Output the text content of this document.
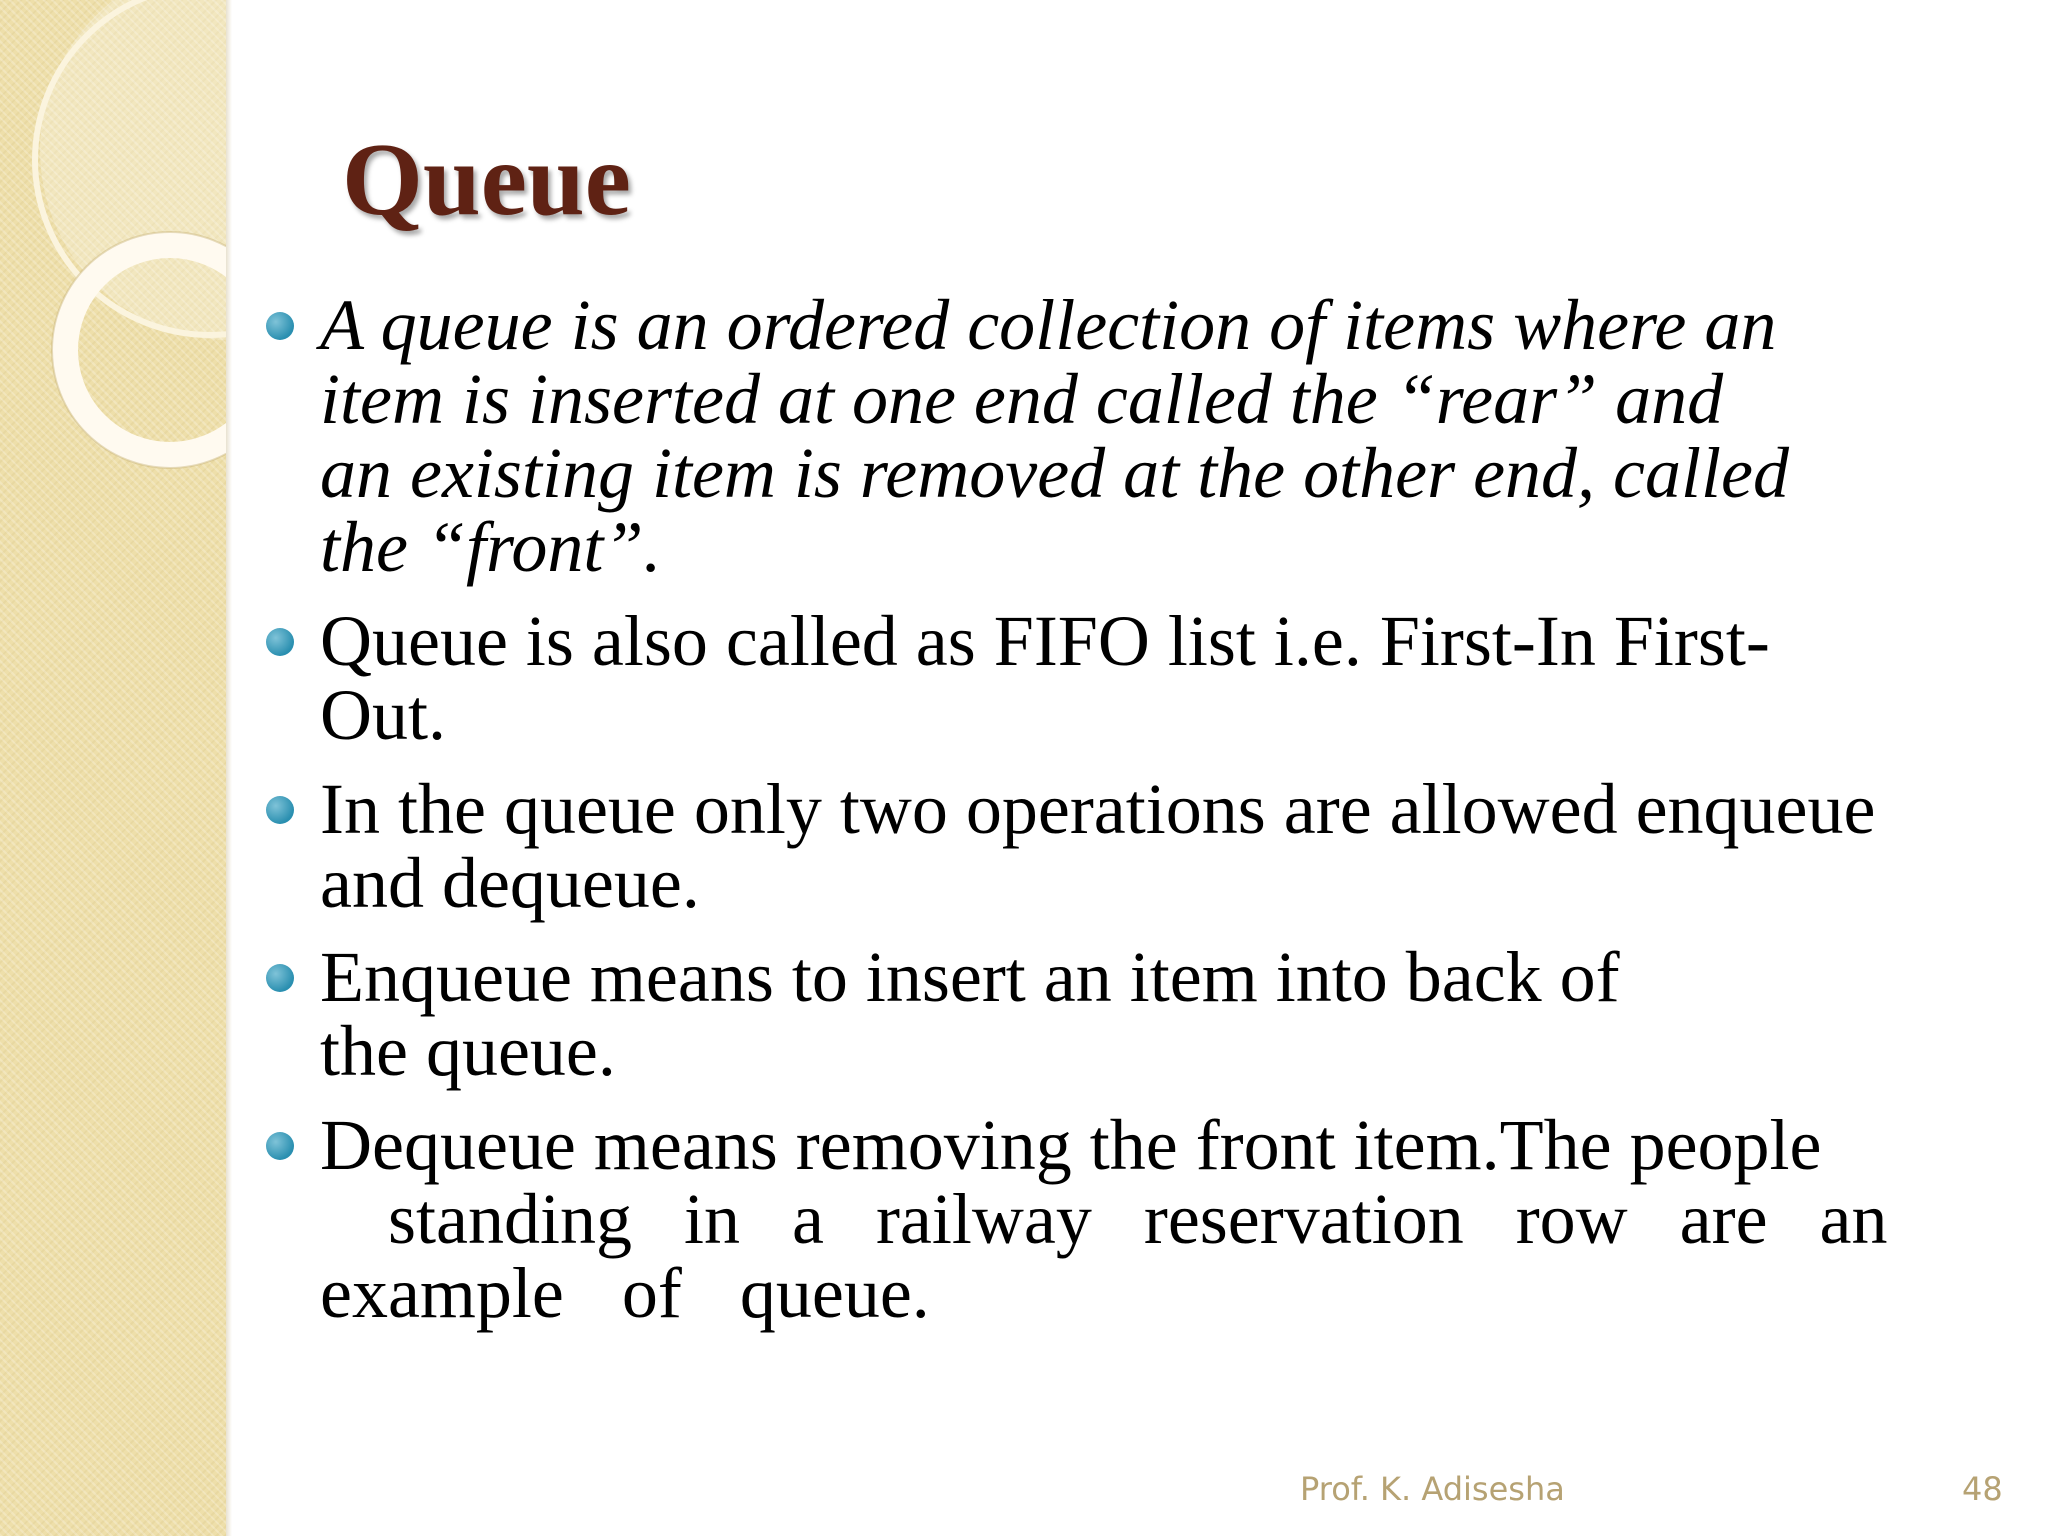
Queue
A queue is an ordered collection of items where an
item is inserted at one end called the “rear” and
an existing item is removed at the other end, called
the “front”.
Queue is also called as FIFO list i.e. First-In First-
Out.
In the queue only two operations are allowed enqueue
and dequeue.
Enqueue means to insert an item into back of
the queue.
Dequeue means removing the front item.The people
standing in a railway reservation row are an
example of queue.
Prof. K. Adisesha	48
